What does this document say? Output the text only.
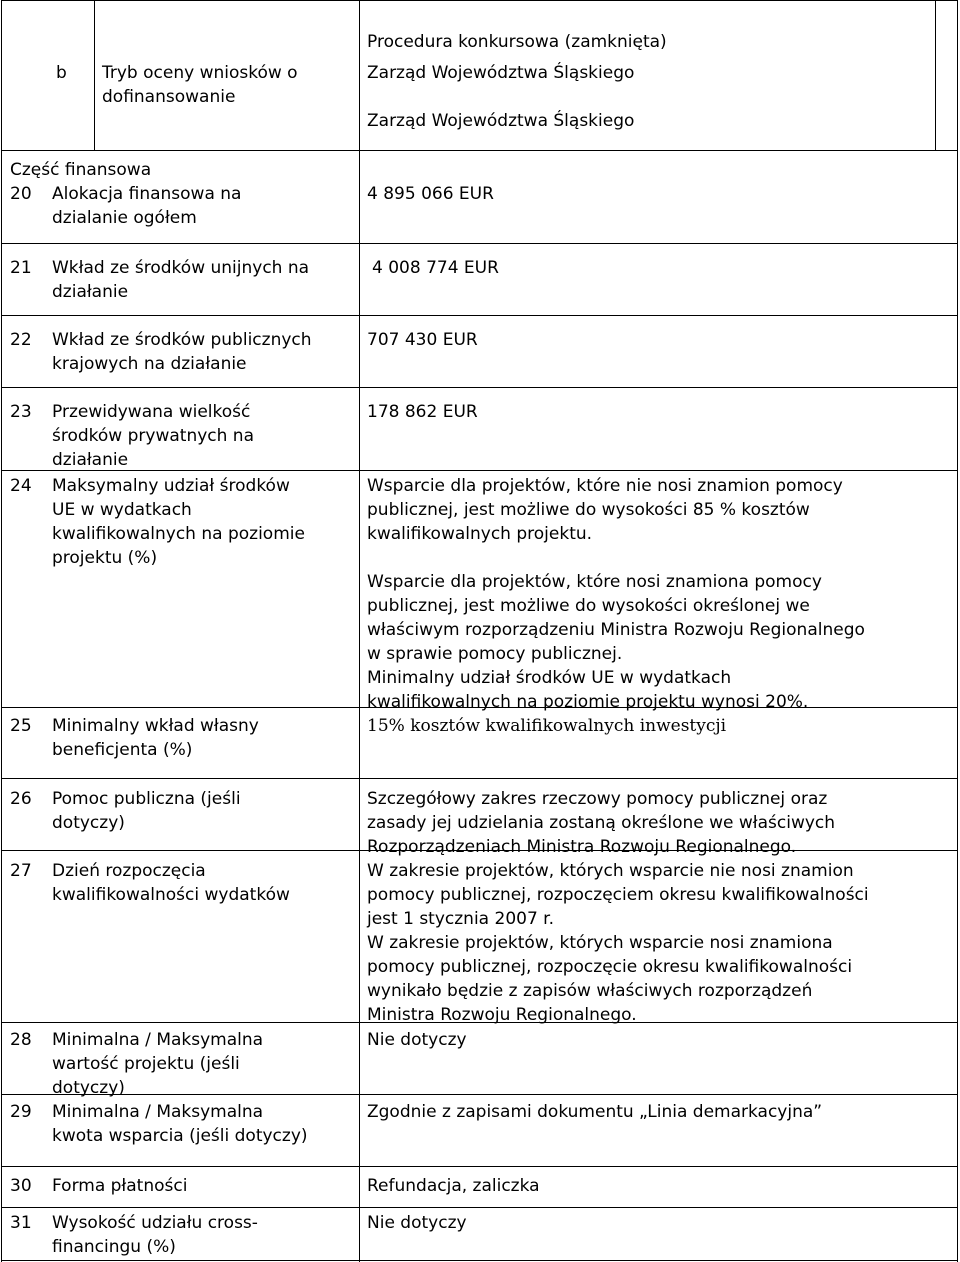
b Tryb oceny wniosków o
dofinansowanie
Procedura konkursowa (zamknięta)
Zarząd Województwa Śląskiego
Zarząd Województwa Śląskiego
Część finansowa
20 Alokacja finansowa na
dzialanie ogółem
4 895 066 EUR
21 Wkład ze środków unijnych na
działanie
4 008 774 EUR
22 Wkład ze środków publicznych
krajowych na działanie
707 430 EUR
23 Przewidywana wielkość
środków prywatnych na
działanie
178 862 EUR
24 Maksymalny udział środków
UE w wydatkach
kwalifikowalnych na poziomie
projektu (%)
Wsparcie dla projektów, które nie nosi znamion pomocy
publicznej, jest możliwe do wysokości 85 % kosztów
kwalifikowalnych projektu.
Wsparcie dla projektów, które nosi znamiona pomocy
publicznej, jest możliwe do wysokości określonej we
właściwym rozporządzeniu Ministra Rozwoju Regionalnego
w sprawie pomocy publicznej.
Minimalny udział środków UE w wydatkach
kwalifikowalnych na poziomie projektu wynosi 20%.
25 Minimalny wkład własny
beneficjenta (%)
15% kosztów kwalifikowalnych inwestycji
26 Pomoc publiczna (jeśli
dotyczy)
Szczegółowy zakres rzeczowy pomocy publicznej oraz
zasady jej udzielania zostaną określone we właściwych
Rozporządzeniach Ministra Rozwoju Regionalnego.
27 Dzień rozpoczęcia
kwalifikowalności wydatków
W zakresie projektów, których wsparcie nie nosi znamion
pomocy publicznej, rozpoczęciem okresu kwalifikowalności
jest 1 stycznia 2007 r.
W zakresie projektów, których wsparcie nosi znamiona
pomocy publicznej, rozpoczęcie okresu kwalifikowalności
wynikało będzie z zapisów właściwych rozporządzeń
Ministra Rozwoju Regionalnego.
28 Minimalna / Maksymalna
wartość projektu (jeśli
dotyczy)
Nie dotyczy
29 Minimalna / Maksymalna
kwota wsparcia (jeśli dotyczy)
Zgodnie z zapisami dokumentu „Linia demarkacyjna”
30 Forma płatności	Refundacja, zaliczka
31 Wysokość udziału cross-
financingu (%)
Nie dotyczy
